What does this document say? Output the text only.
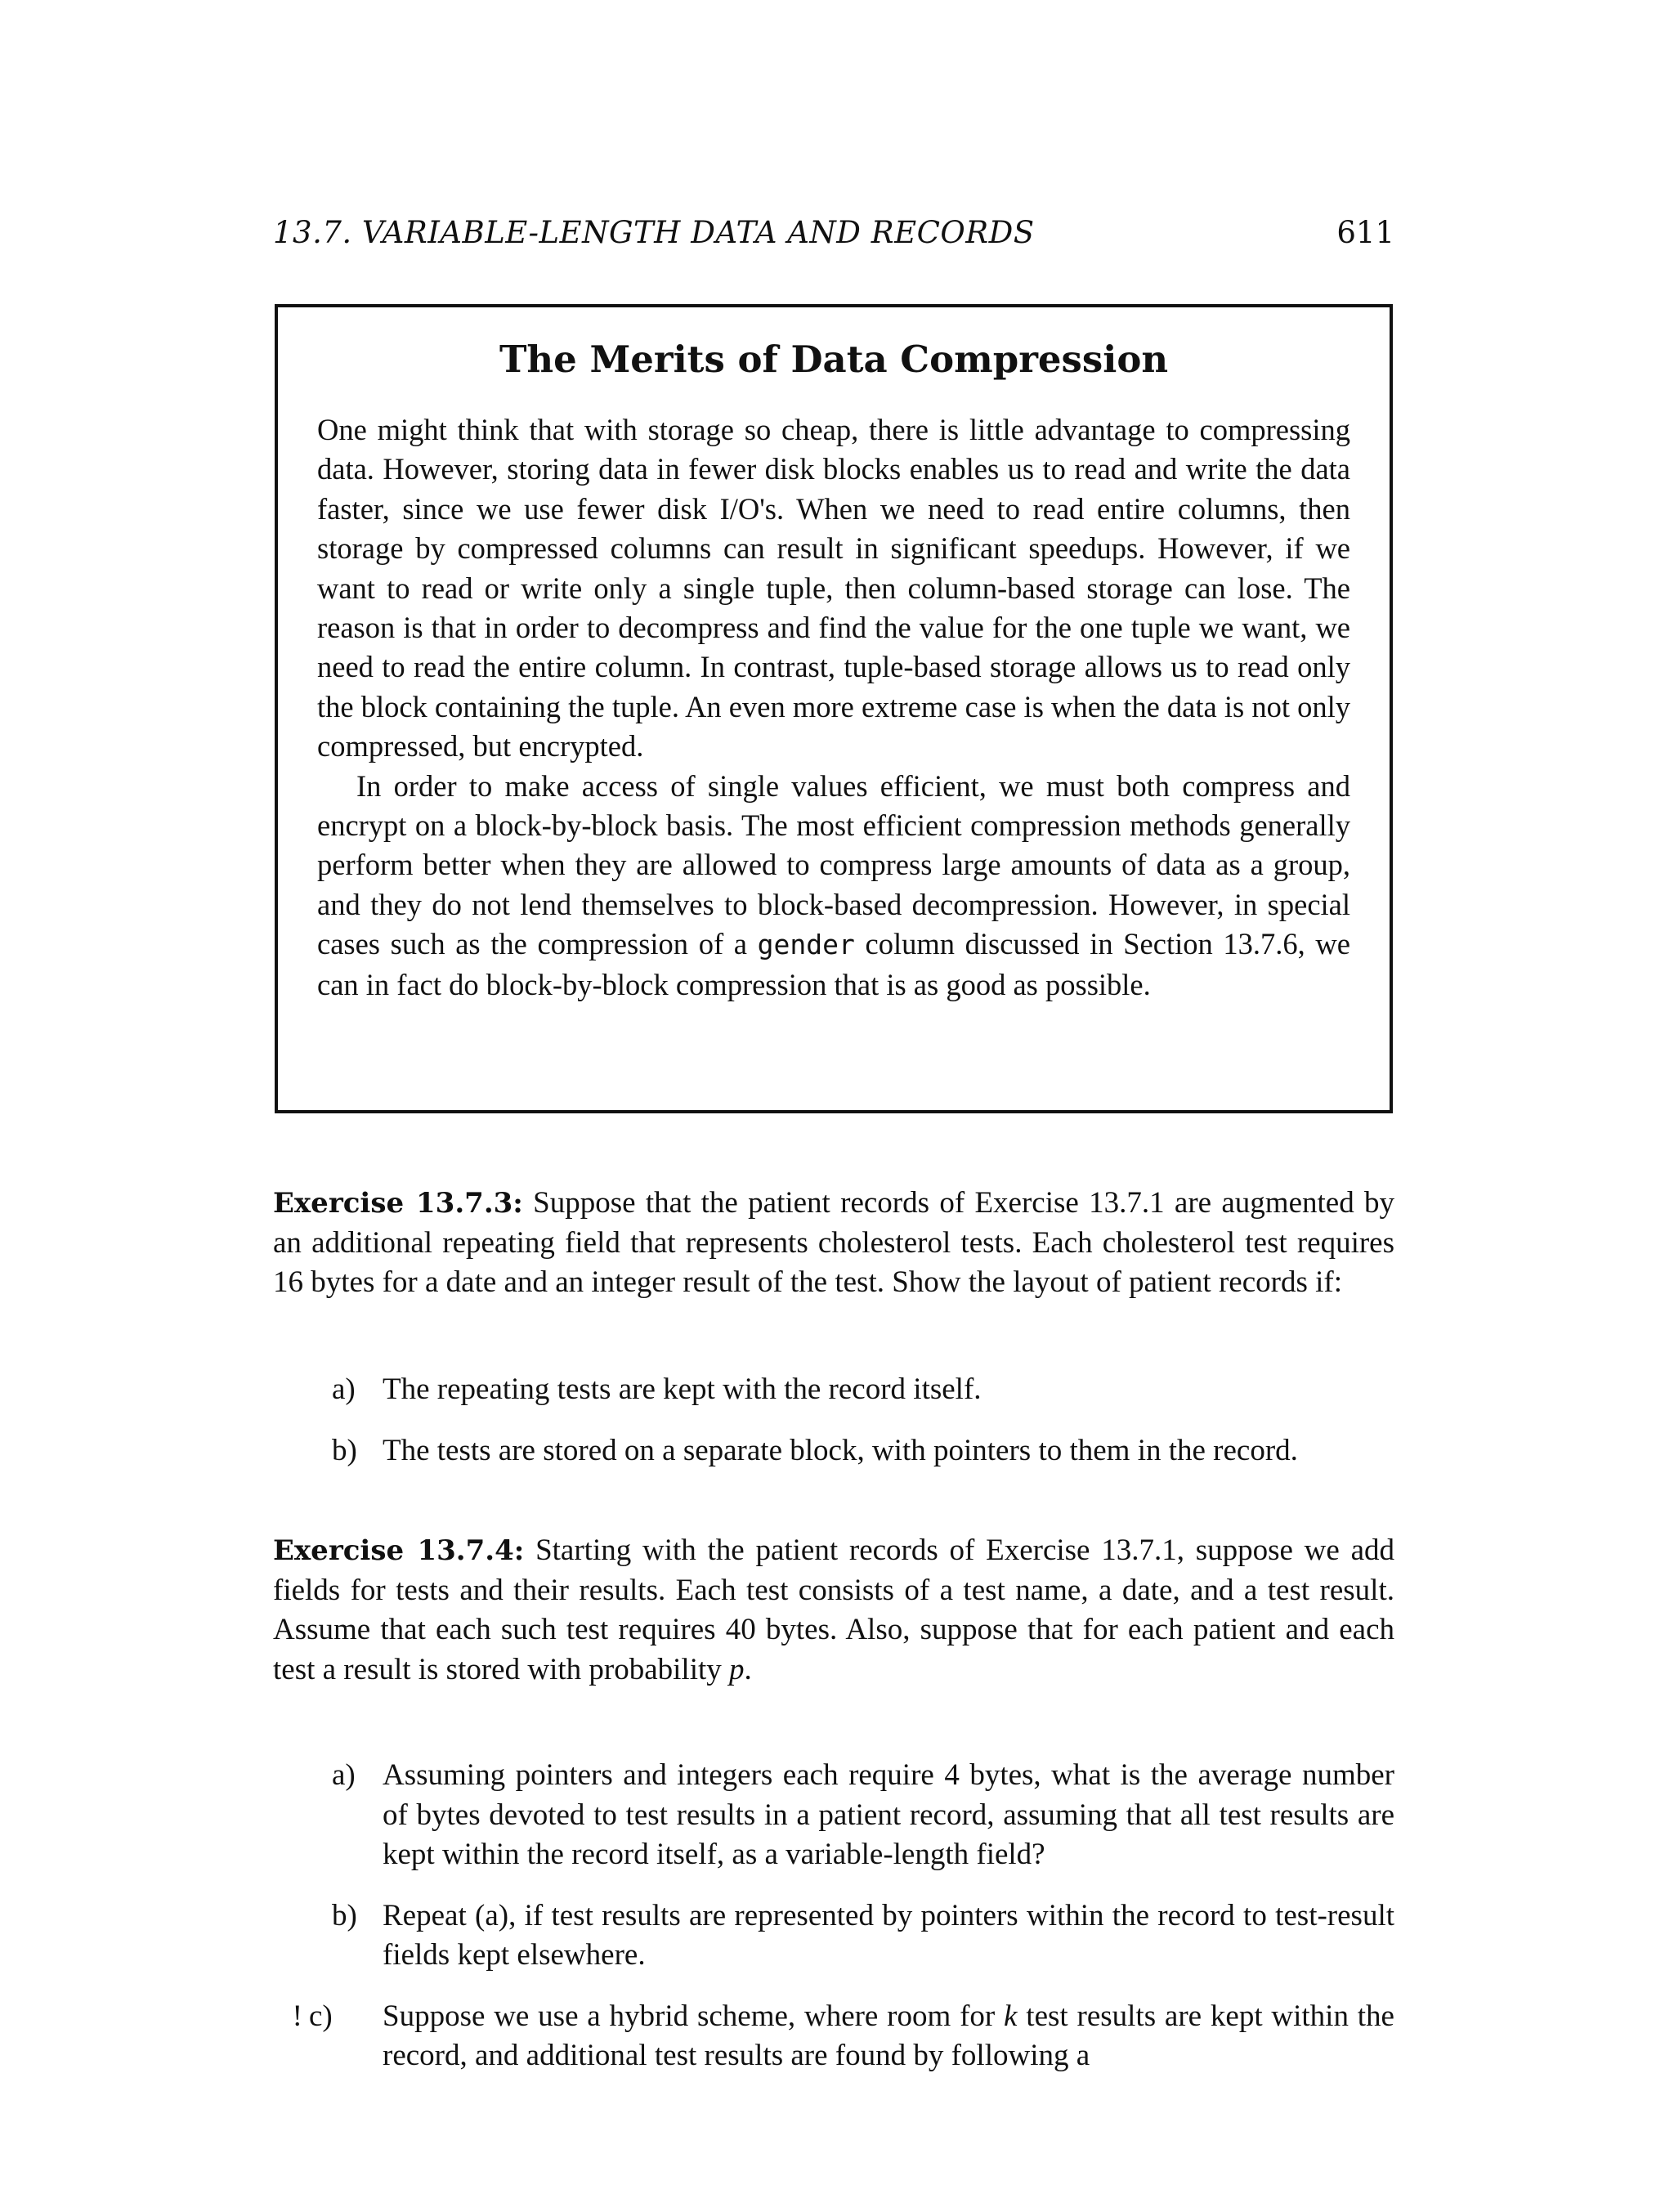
13.7. VARIABLE-LENGTH DATA AND RECORDS	611
The Merits of Data Compression

One might think that with storage so cheap, there is little advantage to compressing data. However, storing data in fewer disk blocks enables us to read and write the data faster, since we use fewer disk I/O's. When we need to read entire columns, then storage by compressed columns can result in significant speedups. However, if we want to read or write only a single tuple, then column-based storage can lose. The reason is that in order to decompress and find the value for the one tuple we want, we need to read the entire column. In contrast, tuple-based storage allows us to read only the block containing the tuple. An even more extreme case is when the data is not only compressed, but encrypted.

In order to make access of single values efficient, we must both compress and encrypt on a block-by-block basis. The most efficient compression methods generally perform better when they are allowed to compress large amounts of data as a group, and they do not lend themselves to block-based decompression. However, in special cases such as the compression of a gender column discussed in Section 13.7.6, we can in fact do block-by-block compression that is as good as possible.

Exercise 13.7.3: Suppose that the patient records of Exercise 13.7.1 are augmented by an additional repeating field that represents cholesterol tests. Each cholesterol test requires 16 bytes for a date and an integer result of the test. Show the layout of patient records if:

a) The repeating tests are kept with the record itself.
b) The tests are stored on a separate block, with pointers to them in the record.

Exercise 13.7.4: Starting with the patient records of Exercise 13.7.1, suppose we add fields for tests and their results. Each test consists of a test name, a date, and a test result. Assume that each such test requires 40 bytes. Also, suppose that for each patient and each test a result is stored with probability p.

a) Assuming pointers and integers each require 4 bytes, what is the average number of bytes devoted to test results in a patient record, assuming that all test results are kept within the record itself, as a variable-length field?
b) Repeat (a), if test results are represented by pointers within the record to test-result fields kept elsewhere.
! c)	Suppose we use a hybrid scheme, where room for k test results are kept within the record, and additional test results are found by following a
